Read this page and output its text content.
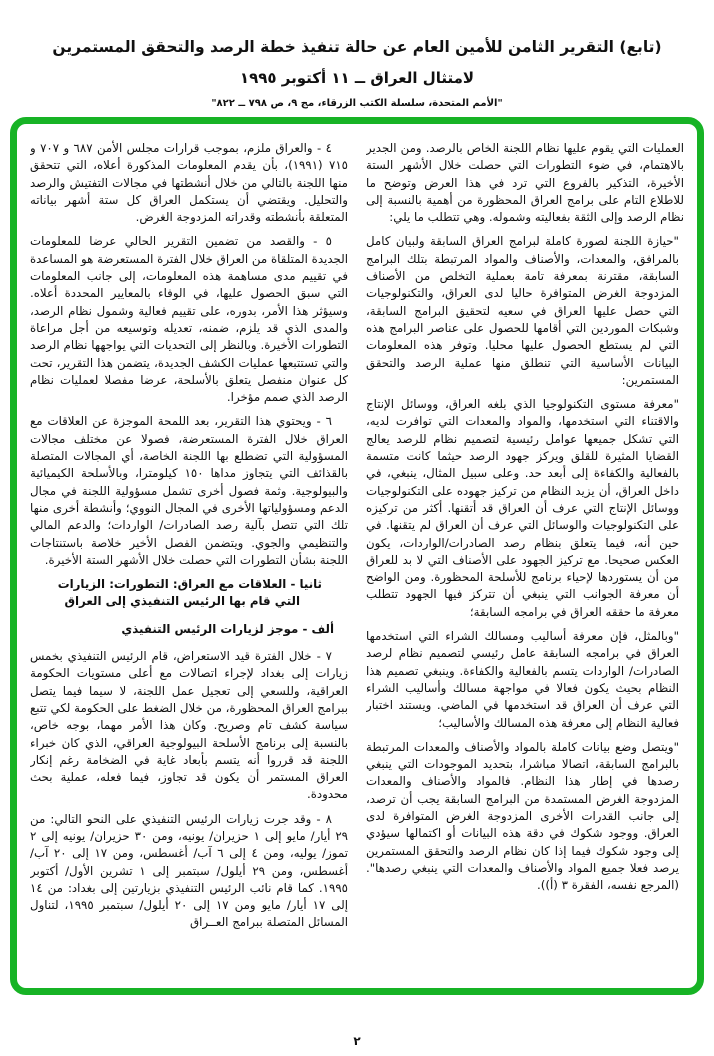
(تابع) التقرير الثامن للأمين العام عن حالة تنفيذ خطة الرصد والتحقق المستمرين
لامتثال العراق ــ ١١ أكتوبر ١٩٩٥
"الأمم المتحدة، سلسلة الكتب الزرقاء، مج ٩، ص ٧٩٨ ــ ٨٢٢"

العمليات التي يقوم عليها نظام اللجنة الخاص بالرصد. ومن الجدير بالاهتمام، في ضوء التطورات التي حصلت خلال الأشهر الستة الأخيرة، التذكير بالفروع التي ترد في هذا العرض وتوضح ما للاطلاع التام على برامج العراق المحظورة من أهمية بالنسبة إلى نظام الرصد وإلى الثقة بفعاليته وشموله. وهي تتطلب ما يلي:

"حيازة اللجنة لصورة كاملة لبرامج العراق السابقة ولبيان كامل بالمرافق، والمعدات، والأصناف والمواد المرتبطة بتلك البرامج السابقة، مقترنة بمعرفة تامة بعملية التخلص من الأصناف المزدوجة الغرض المتوافرة حاليا لدى العراق، والتكنولوجيات التي حصل عليها العراق في سعيه لتحقيق البرامج السابقة، وشبكات الموردين التي أقامها للحصول على عناصر البرامج هذه التي لم يستطع الحصول عليها محليا. وتوفر هذه المعلومات البيانات الأساسية التي تنطلق منها عملية الرصد والتحقق المستمرين:

"معرفة مستوى التكنولوجيا الذي بلغه العراق، ووسائل الإنتاج والاقتناء التي استخدمها، والمواد والمعدات التي توافرت لديه، التي تشكل جميعها عوامل رئيسية لتصميم نظام للرصد يعالج القضايا المثيرة للقلق ويركز جهود الرصد حيثما كانت متسمة بالفعالية والكفاءة إلى أبعد حد. وعلى سبيل المثال، ينبغي، في داخل العراق، أن يزيد النظام من تركيز جهوده على التكنولوجيات ووسائل الإنتاج التي عرف أن العراق قد أتقنها. أكثر من تركيزه على التكنولوجيات والوسائل التي عرف أن العراق لم يتقنها. في حين أنه، فيما يتعلق بنظام رصد الصادرات/الواردات، يكون العكس صحيحا. مع تركيز الجهود على الأصناف التي لا بد للعراق من أن يستوردها لإحياء برنامج للأسلحة المحظورة. ومن الواضح أن معرفة الجوانب التي ينبغي أن تتركز فيها الجهود تتطلب معرفة ما حققه العراق في برامجه السابقة؛

"وبالمثل، فإن معرفة أساليب ومسالك الشراء التي استخدمها العراق في برامجه السابقة عامل رئيسي لتصميم نظام لرصد الصادرات/ الواردات يتسم بالفعالية والكفاءة. وينبغي تصميم هذا النظام بحيث يكون فعالا في مواجهة مسالك وأساليب الشراء التي عرف أن العراق قد استخدمها في الماضي. ويستند اختبار فعالية النظام إلى معرفة هذه المسالك والأساليب؛

"ويتصل وضع بيانات كاملة بالمواد والأصناف والمعدات المرتبطة بالبرامج السابقة، اتصالا مباشرا، بتحديد الموجودات التي ينبغي رصدها في إطار هذا النظام. فالمواد والأصناف والمعدات المزدوجة الغرض المستمدة من البرامج السابقة يجب أن ترصد، إلى جانب القدرات الأخرى المزدوجة الغرض المتوافرة لدى العراق. ووجود شكوك في دقة هذه البيانات أو اكتمالها سيؤدي إلى وجود شكوك فيما إذا كان نظام الرصد والتحقق المستمرين يرصد فعلا جميع المواد والأصناف والمعدات التي ينبغي رصدها". (المرجع نفسه، الفقرة ٣ (أ)).

٤ - والعراق ملزم، بموجب قرارات مجلس الأمن ٦٨٧ و ٧٠٧ و ٧١٥ (١٩٩١)، بأن يقدم المعلومات المذكورة أعلاه، التي تتحقق منها اللجنة بالتالي من خلال أنشطتها في مجالات التفتيش والرصد والتحليل. ويقتضي أن يستكمل العراق كل ستة أشهر بياناته المتعلقة بأنشطته وقدراته المزدوجة الغرض.

٥ - والقصد من تضمين التقرير الحالي عرضا للمعلومات الجديدة المتلقاة من العراق خلال الفترة المستعرضة هو المساعدة في تقييم مدى مساهمة هذه المعلومات، إلى جانب المعلومات التي سبق الحصول عليها، في الوفاء بالمعايير المحددة أعلاه. وسيؤثر هذا الأمر، بدوره، على تقييم فعالية وشمول نظام الرصد، والمدى الذي قد يلزم، ضمنه، تعديله وتوسيعه من أجل مراعاة التطورات الأخيرة. وبالنظر إلى التحديات التي يواجهها نظام الرصد والتي تستتبعها عمليات الكشف الجديدة، يتضمن هذا التقرير، تحت كل عنوان منفصل يتعلق بالأسلحة، عرضا مفصلا لعمليات نظام الرصد الذي صمم مؤخرا.

٦ - ويحتوي هذا التقرير، بعد اللمحة الموجزة عن العلاقات مع العراق خلال الفترة المستعرضة، فصولا عن مختلف مجالات المسؤولية التي تضطلع بها اللجنة الخاصة، أي المجالات المتصلة بالقذائف التي يتجاوز مداها ١٥٠ كيلومترا، وبالأسلحة الكيميائية والبيولوجية. وثمة فصول أخرى تشمل مسؤولية اللجنة في مجال الدعم ومسؤولياتها الأخرى في المجال النووي؛ وأنشطة أخرى منها تلك التي تتصل بآلية رصد الصادرات/ الواردات؛ والدعم المالي والتنظيمي والجوي. ويتضمن الفصل الأخير خلاصة باستنتاجات اللجنة بشأن التطورات التي حصلت خلال الأشهر الستة الأخيرة.

ثانيا - العلاقات مع العراق: التطورات: الزيارات
التي قام بها الرئيس التنفيذي إلى العراق
ألف - موجز لزيارات الرئيس التنفيذي

٧ - خلال الفترة قيد الاستعراض، قام الرئيس التنفيذي بخمس زيارات إلى بغداد لإجراء اتصالات مع أعلى مستويات الحكومة العراقية، وللسعي إلى تعجيل عمل اللجنة، لا سيما فيما يتصل ببرامج العراق المحظورة، من خلال الضغط على الحكومة لكي تتبع سياسة كشف تام وصريح. وكان هذا الأمر مهما، بوجه خاص، بالنسبة إلى برنامج الأسلحة البيولوجية العراقي، الذي كان خبراء اللجنة قد قرروا أنه يتسم بأبعاد غاية في الضخامة رغم إنكار العراق المستمر أن يكون قد تجاوز، فيما فعله، عملية بحث محدودة.

٨ - وقد جرت زيارات الرئيس التنفيذي على النحو التالي: من ٢٩ أيار/ مايو إلى ١ حزيران/ يونيه، ومن ٣٠ حزيران/ يونيه إلى ٢ تموز/ يوليه، ومن ٤ إلى ٦ آب/ أغسطس، ومن ١٧ إلى ٢٠ آب/ أغسطس، ومن ٢٩ أيلول/ سبتمبر إلى ١ تشرين الأول/ أكتوبر ١٩٩٥. كما قام نائب الرئيس التنفيذي بزيارتين إلى بغداد: من ١٤ إلى ١٧ أيار/ مايو ومن ١٧ إلى ٢٠ أيلول/ سبتمبر ١٩٩٥، لتناول المسائل المتصلة ببرامج العــراق

٢
